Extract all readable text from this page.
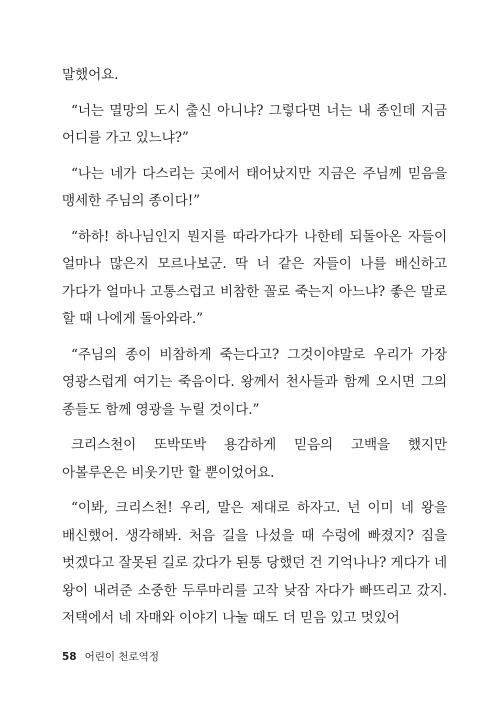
말했어요.

“너는 멸망의 도시 출신 아니냐? 그렇다면 너는 내 종인데 지금 어디를 가고 있느냐?”

“나는 네가 다스리는 곳에서 태어났지만 지금은 주님께 믿음을 맹세한 주님의 종이다!”

“하하! 하나님인지 뭔지를 따라가다가 나한테 되돌아온 자들이 얼마나 많은지 모르나보군. 딱 너 같은 자들이 나를 배신하고 가다가 얼마나 고통스럽고 비참한 꼴로 죽는지 아느냐? 좋은 말로 할 때 나에게 돌아와라.”

“주님의 종이 비참하게 죽는다고? 그것이야말로 우리가 가장 영광스럽게 여기는 죽음이다. 왕께서 천사들과 함께 오시면 그의 종들도 함께 영광을 누릴 것이다.”

크리스천이 또박또박 용감하게 믿음의 고백을 했지만 아볼루온은 비웃기만 할 뿐이었어요.

“이봐, 크리스천! 우리, 말은 제대로 하자고. 넌 이미 네 왕을 배신했어. 생각해봐. 처음 길을 나섰을 때 수렁에 빠졌지? 짐을 벗겠다고 잘못된 길로 갔다가 된통 당했던 건 기억나나? 게다가 네 왕이 내려준 소중한 두루마리를 고작 낮잠 자다가 빠뜨리고 갔지. 저택에서 네 자매와 이야기 나눌 때도 더 믿음 있고 멋있어

58 어린이 천로역정
